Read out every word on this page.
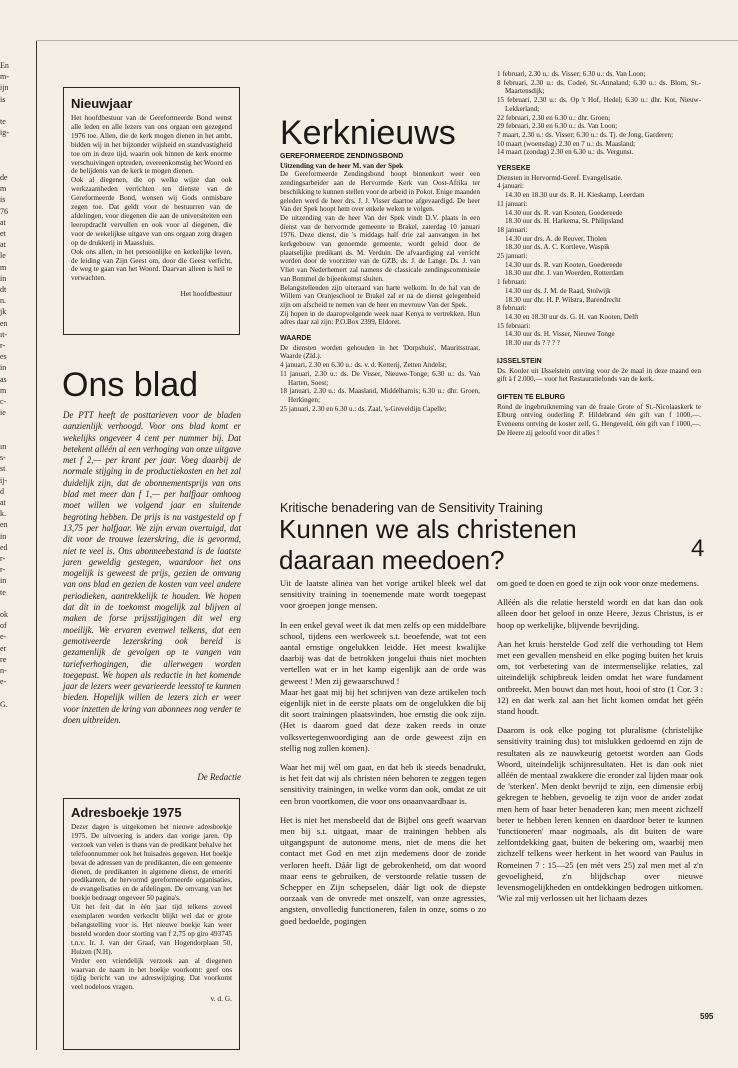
En
m-
ijn
is

te
ig-

de
m
is
76
at
et
at
le
m
in
dt
n.
jk
en
ıt-
r-
es
in
as
m
c-
ie

ın
s-
st
ij-
d
at
k.
en
in
ed
r-
r-
in
te

ok
of
e-
er
re
n-
e-

G.
Nieuwjaar

Het hoofdbestuur van de Gereformeerde Bond wenst alle leden en alle lezers van ons orgaan een gezegend 1976 toe. Allen, die de kerk mogen dienen in het ambt, bidden wij in het bijzonder wijsheid en standvastigheid toe om in deze tijd, waarin ook binnen de kerk enorme verschuivingen optreden, overeenkomstig het Woord en de belijdenis van de kerk te mogen dienen.

Ook al diegenen, die op welke wijze dan ook werkzaamheden verrichten ten dienste van de Gereformeerde Bond, wensen wij Gods onmisbare zegen toe. Dat geldt voor de bestuurren van de afdelingen, voor diegenen die aan de universiteiten een leeropdracht vervullen en ook voor al diegenen, die voor de wekelijkse uitgave van ons orgaan zorg dragen op de drukkerij in Maassluis.

Ook ons allen, in het persoonlijke en kerkelijke leven, de leiding van Zijn Geest om, door die Geest verlicht, de weg te gaan van het Woord. Daarvan alleen is heil te verwachten.

Het hoofdbestuur
Ons blad
De PTT heeft de posttarieven voor de bladen aanzienlijk verhoogd. Voor ons blad komt er wekelijks ongeveer 4 cent per nummer bij. Dat betekent alléén al een verhoging van onze uitgave met f 2,— per krant per jaar. Voeg daarbij de normale stijging in de productiekosten en het zal duidelijk zijn, dat de abonnementsprijs van ons blad met meer dan f 1,— per halfjaar omhoog moet willen we volgend jaar en sluitende begroting hebben. De prijs is nu vastgesteld op f 13,75 per halfjaar. We zijn ervan overtuigd, dat dit voor de trouwe lezerskring, die is gevormd, niet te veel is. Ons abonneebestand is de laatste jaren geweldig gestegen, waardoor het ons mogelijk is geweest de prijs, gezien de omvang van ons blad en gezien de kosten van veel andere periodieken, aantrekkelijk te houden. We hopen dat dit in de toekomst mogelijk zal blijven al maken de forse prijsstijgingen dit wel erg moeilijk. We ervaren evenwel telkens, dat een gemotiveerde lezerskring ook bereid is gezamenlijk de gevolgen op te vangen van tariefverhogingen, die allerwegen worden toegepast. We hopen als redactie in het komende jaar de lezers weer gevarieerde leesstof te kunnen bieden. Hopelijk willen de lezers zich er weer voor inzetten de kring van abonnees nog verder te doen uitbreiden.
De Redactie
Adresboekje 1975

Dezer dagen is uitgekomen het nieuwe adresboekje 1975. De uitvoering is anders dan vorige jaren. Op verzoek van velen is thans van de predikant behalve het telefoonnummer ook het huisadres gegeven. Het boekje bevat de adressen van de predikanten, die een gemeente dienen, de predikanten in algemene dienst, de emeriti predikanten, de hervormd gereformeerde organisaties, de evangelisaties en de afdelingen. De omvang van het boekje bedraagt ongeveer 50 pagina's.

Uit het feit dat in één jaar tijd telkens zoveel exemplaren worden verkocht blijkt wel dat er grote belangstelling voor is. Het nieuwe boekje kan weer besteld worden door storting van f 2,75 op giro 493745 t.n.v. Ir. J. van der Graaf, van Hogendorplaan 50, Huizen (N.H).

Verder een vriendelijk verzoek aan al diegenen waarvan de naam in het boekje voorkomt: geef ons tijdig bericht van uw adreswijziging. Dat voorkomt veel nodeloos vragen.

v. d. G.
Kerknieuws
GEREFORMEERDE ZENDINGSBOND
Uitzending van de heer M. van der Spek

De Gereformeerde Zendingsbond hoopt binnenkort weer een zendingsarbeider aan de Hervormde Kerk van Oost-Afrika ter beschikking te kunnen stellen voor de arbeid in Pokot. Enige maanden geleden werd de heer drs. J. J. Visser daartoe afgevaardigd. De heer Van der Spek hoopt hem over enkele weken te volgen.

De uitzending van de heer Van der Spek vindt D.V. plaats in een dienst van de hervormde gemeente te Brakel, zaterdag 10 januari 1976. Deze dienst, die 's middags half drie zal aanvangen in het kerkgebouw van genoemde gemeente, wordt geleid door de plaatselijke predikant ds. M. Verduin. De afvaardiging zal verricht worden door de voorzitter van de GZB, ds. J. de Lange. Ds. J. van Vliet van Nederhemert zal namens de classicale zendingscommissie van Bommel de bijeenkomst sluiten.

Belangstellenden zijn uiteraard van harte welkom. In de hal van de Willem van Oranjeschool te Brakel zal er na de dienst gelegenheid zijn om afscheid te nemen van de heer en mevrouw Van der Spek.

Zij hopen in de daaropvolgende week naar Kenya te vertrekken. Hun adres daar zal zijn: P.O.Box 2399, Eldoret.

WAARDE

De diensten worden gehouden in het 'Dorpshuis', Mauritsstraat, Waarde (Zld.).

4 januari, 2.30 en 6.30 u.: ds. v. d. Ketterij, Zetten Andelst;

11 januari, 2.30 u.: ds. De Visser, Nieuwe-Tonge; 6.30 u.: ds. Van Harten, Soest;

18 januari, 2.30 u.: ds. Maasland, Middelharnis; 6.30 u.: dhr. Groen, Herkingen;

25 januari, 2.30 en 6.30 u.: ds. Zaal, 's-Greveldijn Capelle;

1 februari, 2.30 u.: ds. Visser; 6.30 u.: ds. Van Loon;

8 februari, 2.30 u.: ds. Codeé, St.-Annaland; 6.30 u.: ds. Blom, St.-Maartensdijk;

15 februari, 2.30 u.: ds. Op 't Hof, Hedel; 6.30 u.: dhr. Kot, Nieuw-Lekkerland;

22 februari, 2.30 en 6.30 u.: dhr. Groen;

29 februari, 2.30 en 6.30 u.: ds. Van Loon;

7 maart, 2.30 u.: ds. Visser; 6.30 u.: ds. Tj. de Jong, Garderen;

10 maart (woensdag) 2.30 en 7 u.: ds. Maasland;

14 maart (zondag) 2.30 en 6.30 u.: ds. Vergunst.

YERSEKE

Diensten in Hervormd-Geref. Evangelisatie.

4 januari:

14.30 en 18.30 uur ds. R. H. Kieskamp, Leerdam

11 januari:

14.30 uur ds. R. van Kooten, Goedereede

18.30 uur ds. H. Harkema, St. Philipsland

18 januari:

14.30 uur drs. A. de Reuver, Tholen

18.30 uur ds. A. C. Kortleve, Waspik

25 januari:

14.30 uur ds. R. van Kooten, Goedereede

18.30 uur dhr. J. van Woerden, Rotterdam

1 februari:

14.30 uur ds. J. M. de Raad, Stolwijk

18.30 uur dhr. H. P. Wilstra, Barendrecht

8 februari:

14.30 en 18.30 uur ds. G. H. van Kooten, Delft

15 februari:

14.30 uur ds. H. Visser, Nieuwe Tonge

18.30 uur ds ? ? ? ?

IJSSELSTEIN

Ds. Kooler uit IJsselstein ontving voor de 2e maal in deze maand een gift à f 2.000,— voor het Restauratiefonds van de kerk.

GIFTEN TE ELBURG

Rond de ingebruikneming van de fraaie Grote of St.-Nicolaaskerk te Elburg ontving ouderling P. Hildebrand één gift van f 1000,—. Eveneens ontving de koster zelf, G. Hengeveld, één gift van f 1000,—. De Heere zij geloofd voor dit alles !

Kritische benadering van de Sensitivity Training
Kunnen we als christenen
daaraan meedoen?	4

Uit de laatste alinea van het vorige artikel bleek wel dat sensitivity training in toenemende mate wordt toegepast voor groepen jonge mensen.

In een enkel geval weet ik dat men zelfs op een middelbare school, tijdens een werkweek s.t. beoefende, wat tot een aantal ernstige ongelukken leidde. Het meest kwalijke daarbij was dat de betrokken jongelui thuis niet mochten vertellen wat er in het kamp eigenlijk aan de orde was geweest ! Men zij gewaarschuwd !

Maar het gaat mij bij het schrijven van deze artikelen toch eigenlijk niet in de eerste plaats om de ongelukken die bij dit soort trainingen plaatsvinden, hoe ernstig die ook zijn. (Het is daarom goed dat deze zaken reeds in onze volksvertegenwoordiging aan de orde geweest zijn en stellig nog zullen komen).

Waar het mij wél om gaat, en dat heb ik steeds benadrukt, is het feit dat wij als christen néen behoren te zeggen tegen sensitivity trainingen, in welke vorm dan ook, omdat ze uit een bron voortkomen, die voor ons onaanvaardbaar is.

Het is niet het mensbeeld dat de Bijbel ons geeft waarvan men bij s.t. uitgaat, maar de trainingen hebben als uitgangspunt de autonome mens, niet de mens die het contact met God en met zijn medemens door de zonde verloren heeft. Dáár ligt de gebrokenheid, om dat woord maar eens te gebruiken, de verstoorde relatie tussen de Schepper en Zijn schepselen, dáár ligt ook de diepste oorzaak van de onvrede met onszelf, van onze agressies, angsten, onvolledig functioneren, falen in onze, soms o zo goed bedoelde, pogingen

om goed te doen en goed te zijn ook voor onze medemens.

Alléén als die relatie hersteld wordt en dat kan dan ook alleen door het geloof in onze Heere, Jezus Christus, is er hoop op werkelijke, blijvende bevrijding.

Aan het kruis herstelde God zelf die verhouding tot Hem met een gevallen mensheid en elke poging buiten het kruis om, tot verbetering van de intermenselijke relaties, zal uiteindelijk schipbreuk leiden omdat het ware fundament ontbreekt. Men bouwt dan met hout, hooi of stro (1 Cor. 3 : 12) en dat werk zal aan het licht komen omdat het géén stand houdt.

Daarom is ook elke poging tot pluralisme (christelijke sensitivity training dus) tot mislukken gedoemd en zijn de resultaten als ze nauwkeurig getoetst worden aan Gods Woord, uiteindelijk schijnresultaten. Het is dan ook niet alléén de mentaal zwakkere die eronder zal lijden maar ook de 'sterken'. Men denkt bevrijd te zijn, een dimensie erbij gekregen te hebben, gevoelig te zijn voor de ander zodat men hem of haar beter benaderen kan; men meent zichzelf beter te hebben leren kennen en daardoor beter te kunnen 'functioneren' maar nogmaals, als dit buiten de ware zelfontdekking gaat, buiten de bekering om, waarbij men zichzelf telkens weer herkent in het woord van Paulus in Romeinen 7 : 15—25 (en mét vers 25) zal men met al z'n gevoeligheid, z'n blijdschap over nieuwe levensmogelijkheden en ontdekkingen bedrogen uitkomen. 'Wie zal mij verlossen uit het lichaam dezes

595
